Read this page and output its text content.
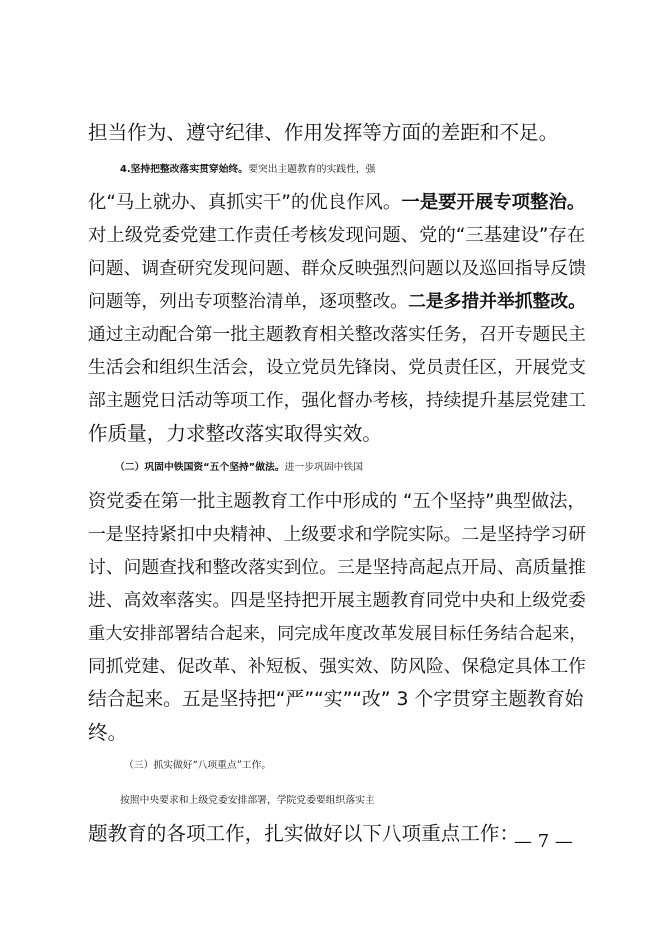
担当作为、遵守纪律、作用发挥等方面的差距和不足。
4.坚持把整改落实贯穿始终。要突出主题教育的实践性，强
化“马上就办、真抓实干”的优良作风。一是要开展专项整治。
对上级党委党建工作责任考核发现问题、党的“三基建设”存在
问题、调查研究发现问题、群众反映强烈问题以及巡回指导反馈
问题等，列出专项整治清单，逐项整改。二是多措并举抓整改。
通过主动配合第一批主题教育相关整改落实任务，召开专题民主
生活会和组织生活会，设立党员先锋岗、党员责任区，开展党支
部主题党日活动等项工作，强化督办考核，持续提升基层党建工
作质量，力求整改落实取得实效。
（二）巩固中铁国资“五个坚持”做法。进一步巩固中铁国
资党委在第一批主题教育工作中形成的 “五个坚持”典型做法，
一是坚持紧扣中央精神、上级要求和学院实际。二是坚持学习研
讨、问题查找和整改落实到位。三是坚持高起点开局、高质量推
进、高效率落实。四是坚持把开展主题教育同党中央和上级党委
重大安排部署结合起来，同完成年度改革发展目标任务结合起来，
同抓党建、促改革、补短板、强实效、防风险、保稳定具体工作
结合起来。五是坚持把“严”“实”“改” 3 个字贯穿主题教育始
终。
（三）抓实做好“八项重点”工作。
按照中央要求和上级党委安排部署，学院党委要组织落实主
题教育的各项工作，扎实做好以下八项重点工作：
— 7 —
